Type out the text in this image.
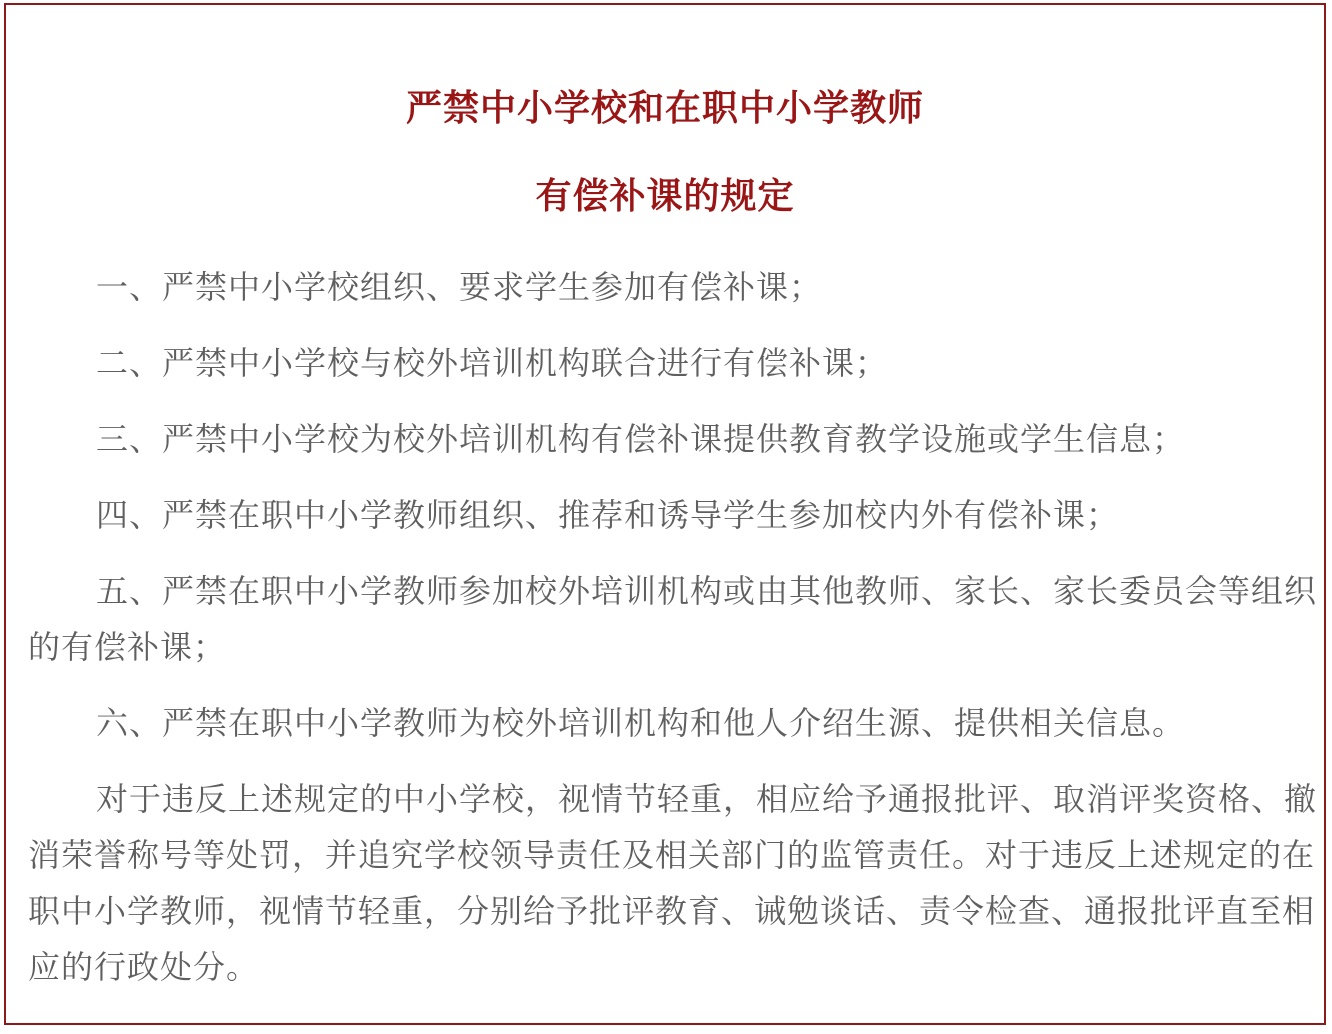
严禁中小学校和在职中小学教师
有偿补课的规定

一、严禁中小学校组织、要求学生参加有偿补课；

二、严禁中小学校与校外培训机构联合进行有偿补课；

三、严禁中小学校为校外培训机构有偿补课提供教育教学设施或学生信息；

四、严禁在职中小学教师组织、推荐和诱导学生参加校内外有偿补课；

五、严禁在职中小学教师参加校外培训机构或由其他教师、家长、家长委员会等组织的有偿补课；

六、严禁在职中小学教师为校外培训机构和他人介绍生源、提供相关信息。

对于违反上述规定的中小学校，视情节轻重，相应给予通报批评、取消评奖资格、撤消荣誉称号等处罚，并追究学校领导责任及相关部门的监管责任。对于违反上述规定的在职中小学教师，视情节轻重，分别给予批评教育、诫勉谈话、责令检查、通报批评直至相应的行政处分。
